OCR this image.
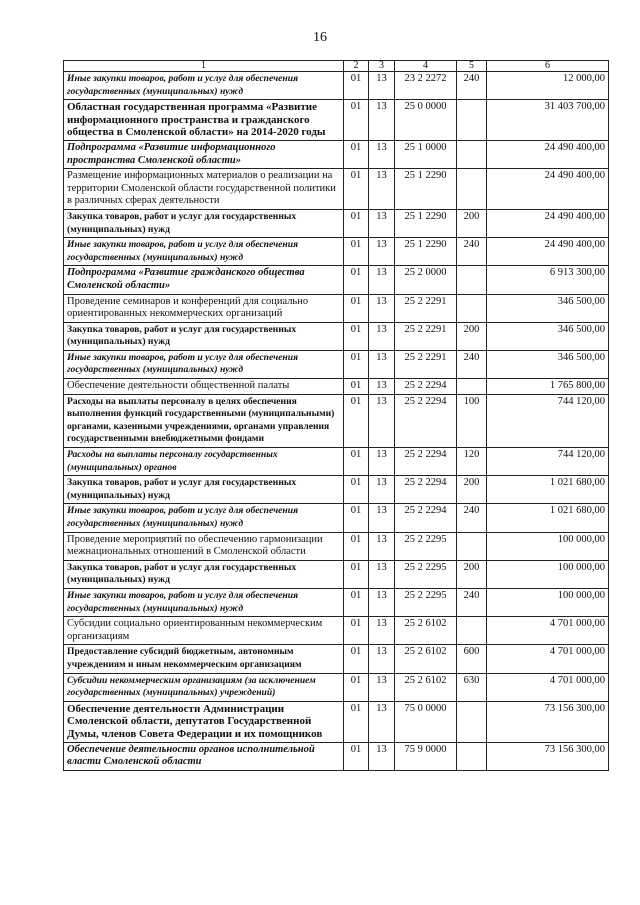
16
1	2	3	4	5	6
Иные закупки товаров, работ и услуг для обеспечения государственных (муниципальных) нужд	01	13	23 2 2272	240	12 000,00
Областная государственная программа «Развитие информационного пространства и гражданского общества в Смоленской области» на 2014-2020 годы	01	13	25 0 0000		31 403 700,00
Подпрограмма «Развитие информационного пространства Смоленской области»	01	13	25 1 0000		24 490 400,00
Размещение информационных материалов о реализации на территории Смоленской области государственной политики в различных сферах деятельности	01	13	25 1 2290		24 490 400,00
Закупка товаров, работ и услуг для государственных (муниципальных) нужд	01	13	25 1 2290	200	24 490 400,00
Иные закупки товаров, работ и услуг для обеспечения государственных (муниципальных) нужд	01	13	25 1 2290	240	24 490 400,00
Подпрограмма «Развитие гражданского общества Смоленской области»	01	13	25 2 0000		6 913 300,00
Проведение семинаров и конференций для социально ориентированных некоммерческих организаций	01	13	25 2 2291		346 500,00
Закупка товаров, работ и услуг для государственных (муниципальных) нужд	01	13	25 2 2291	200	346 500,00
Иные закупки товаров, работ и услуг для обеспечения государственных (муниципальных) нужд	01	13	25 2 2291	240	346 500,00
Обеспечение деятельности общественной палаты	01	13	25 2 2294		1 765 800,00
Расходы на выплаты персоналу в целях обеспечения выполнения функций государственными (муниципальными) органами, казенными учреждениями, органами управления государственными внебюджетными фондами	01	13	25 2 2294	100	744 120,00
Расходы на выплаты персоналу государственных (муниципальных) органов	01	13	25 2 2294	120	744 120,00
Закупка товаров, работ и услуг для государственных (муниципальных) нужд	01	13	25 2 2294	200	1 021 680,00
Иные закупки товаров, работ и услуг для обеспечения государственных (муниципальных) нужд	01	13	25 2 2294	240	1 021 680,00
Проведение мероприятий по обеспечению гармонизации межнациональных отношений в Смоленской области	01	13	25 2 2295		100 000,00
Закупка товаров, работ и услуг для государственных (муниципальных) нужд	01	13	25 2 2295	200	100 000,00
Иные закупки товаров, работ и услуг для обеспечения государственных (муниципальных) нужд	01	13	25 2 2295	240	100 000,00
Субсидии социально ориентированным некоммерческим организациям	01	13	25 2 6102		4 701 000,00
Предоставление субсидий бюджетным, автономным учреждениям и иным некоммерческим организациям	01	13	25 2 6102	600	4 701 000,00
Субсидии некоммерческим организациям (за исключением государственных (муниципальных) учреждений)	01	13	25 2 6102	630	4 701 000,00
Обеспечение деятельности Администрации Смоленской области, депутатов Государственной Думы, членов Совета Федерации и их помощников	01	13	75 0 0000		73 156 300,00
Обеспечение деятельности органов исполнительной власти Смоленской области	01	13	75 9 0000		73 156 300,00
